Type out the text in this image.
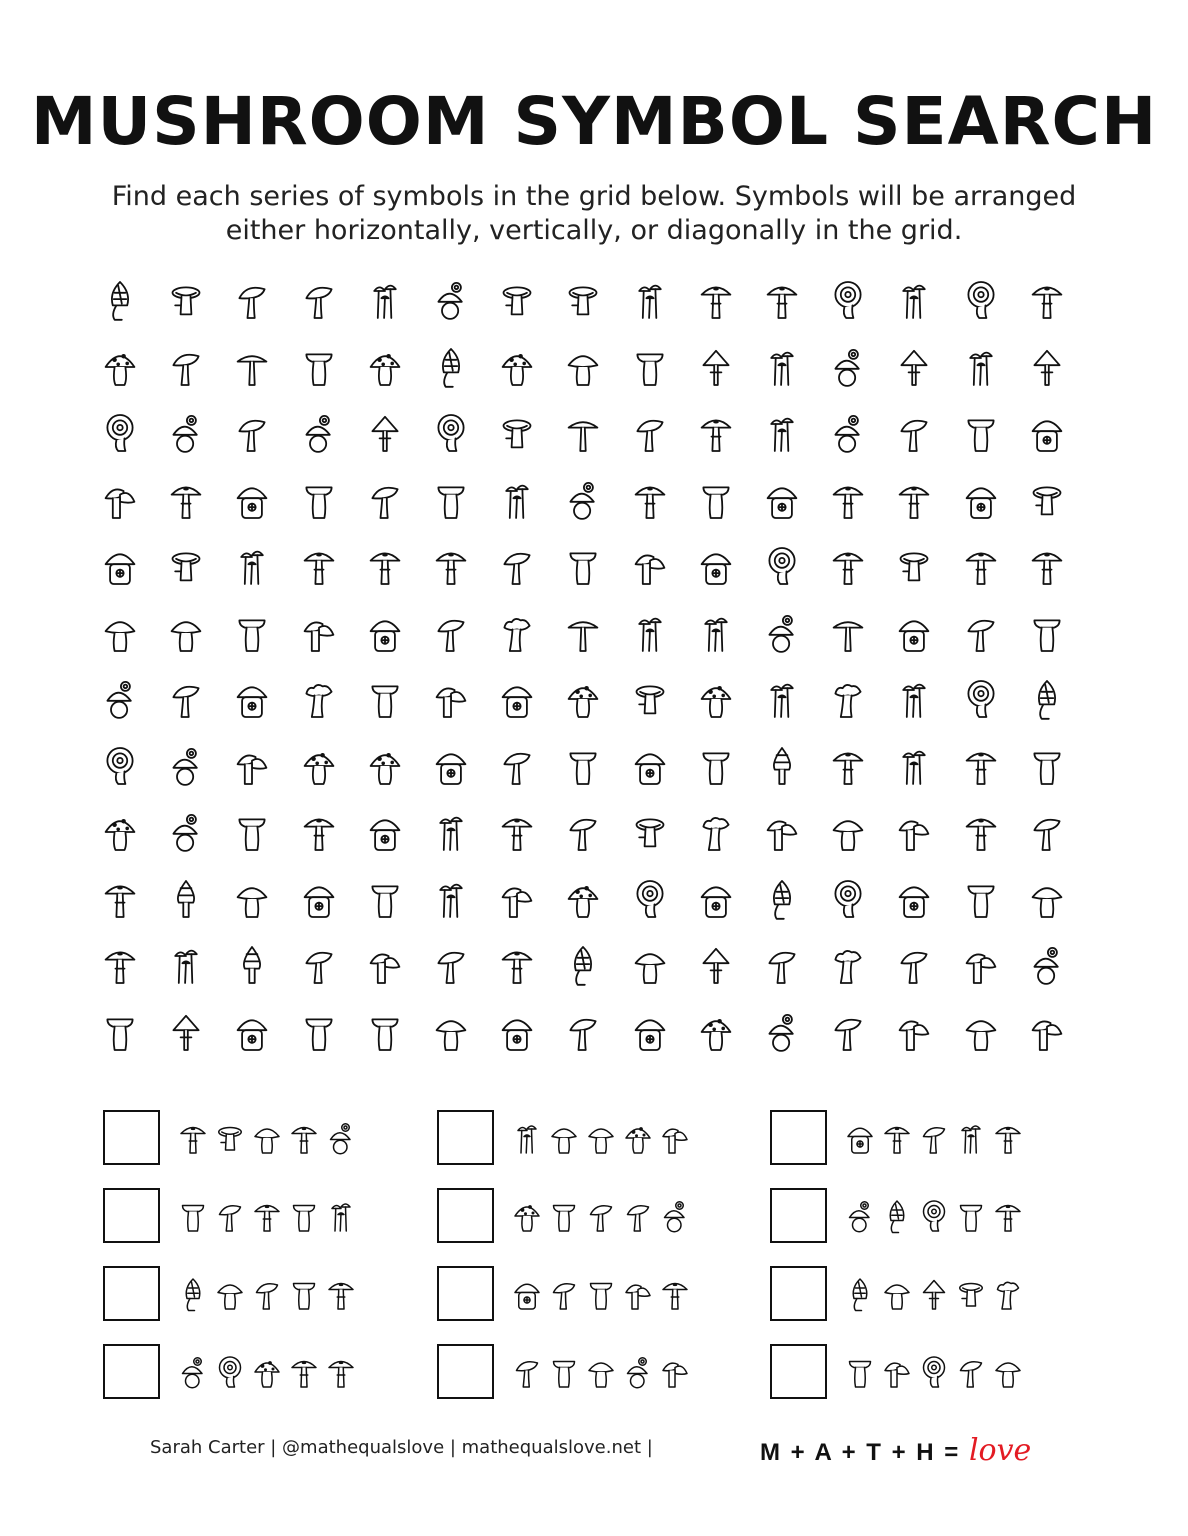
MUSHROOM SYMBOL SEARCH
Find each series of symbols in the grid below. Symbols will be arranged either horizontally, vertically, or diagonally in the grid.
Sarah Carter | @mathequalslove | mathequalslove.net |	M + A + T + H = love
